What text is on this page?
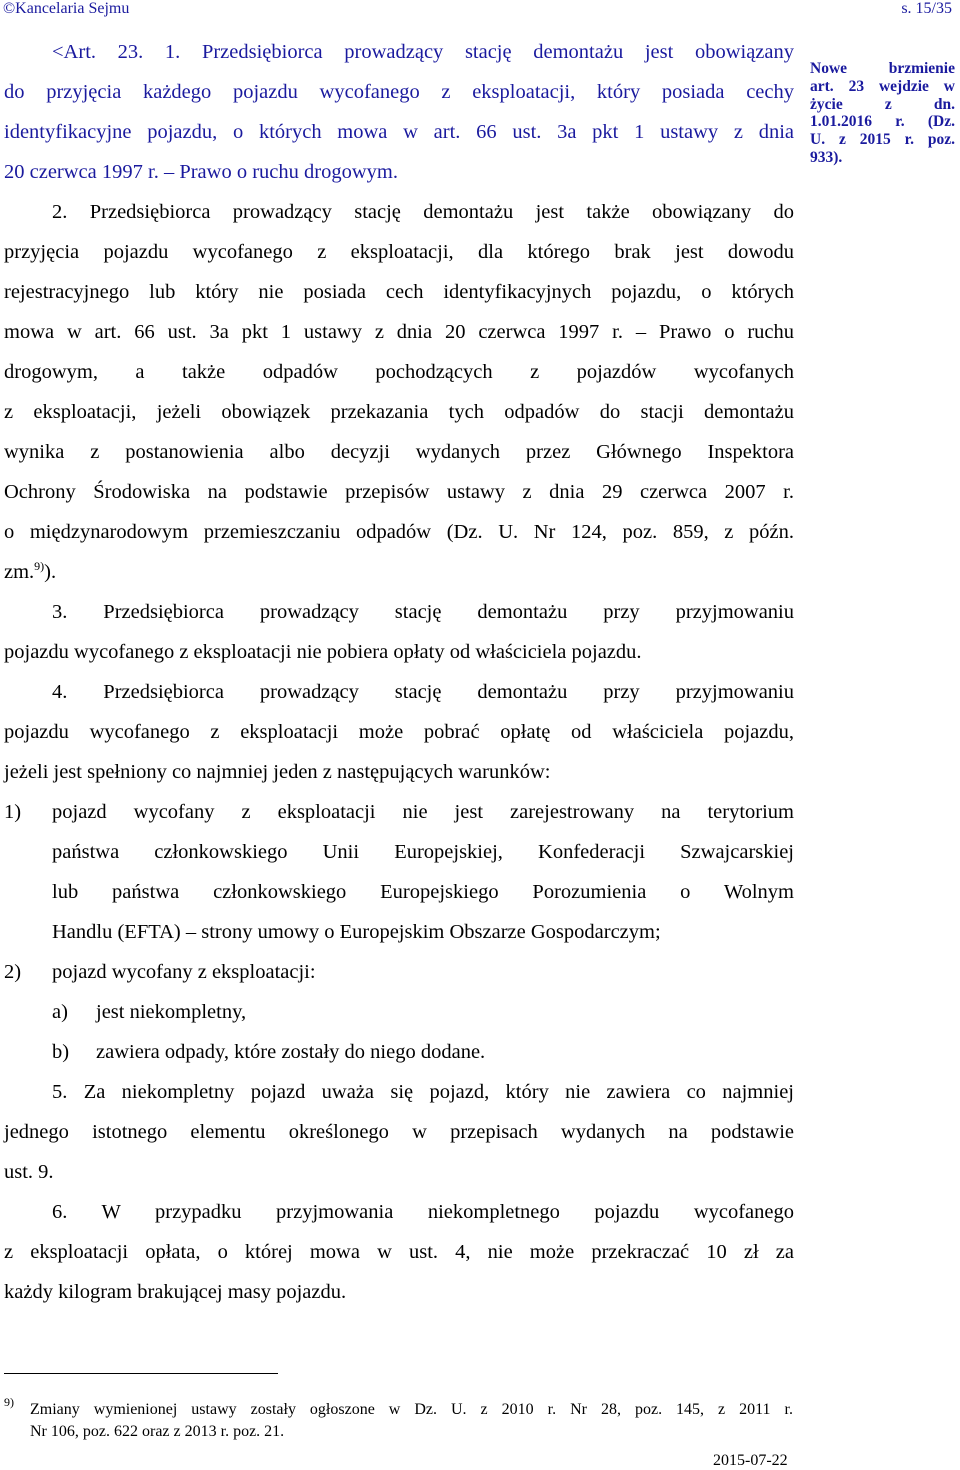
©Kancelaria Sejmu	s. 15/35
<Art. 23. 1. Przedsiębiorca prowadzący stację demontażu jest obowiązany
do przyjęcia każdego pojazdu wycofanego z eksploatacji, który posiada cechy
identyfikacyjne pojazdu, o których mowa w art. 66 ust. 3a pkt 1 ustawy z dnia
20 czerwca 1997 r. – Prawo o ruchu drogowym.
2. Przedsiębiorca prowadzący stację demontażu jest także obowiązany do
przyjęcia pojazdu wycofanego z eksploatacji, dla którego brak jest dowodu
rejestracyjnego lub który nie posiada cech identyfikacyjnych pojazdu, o których
mowa w art. 66 ust. 3a pkt 1 ustawy z dnia 20 czerwca 1997 r. – Prawo o ruchu
drogowym, a także odpadów pochodzących z pojazdów wycofanych
z eksploatacji, jeżeli obowiązek przekazania tych odpadów do stacji demontażu
wynika z postanowienia albo decyzji wydanych przez Głównego Inspektora
Ochrony Środowiska na podstawie przepisów ustawy z dnia 29 czerwca 2007 r.
o międzynarodowym przemieszczaniu odpadów (Dz. U. Nr 124, poz. 859, z późn.
zm.$^{9)}$).
3. Przedsiębiorca prowadzący stację demontażu przy przyjmowaniu
pojazdu wycofanego z eksploatacji nie pobiera opłaty od właściciela pojazdu.
4. Przedsiębiorca prowadzący stację demontażu przy przyjmowaniu
pojazdu wycofanego z eksploatacji może pobrać opłatę od właściciela pojazdu,
jeżeli jest spełniony co najmniej jeden z następujących warunków:
1)	pojazd wycofany z eksploatacji nie jest zarejestrowany na terytorium
państwa członkowskiego Unii Europejskiej, Konfederacji Szwajcarskiej
lub państwa członkowskiego Europejskiego Porozumienia o Wolnym
Handlu (EFTA) – strony umowy o Europejskim Obszarze Gospodarczym;
2) pojazd wycofany z eksploatacji:
a) jest niekompletny,
b) zawiera odpady, które zostały do niego dodane.
5. Za niekompletny pojazd uważa się pojazd, który nie zawiera co najmniej
jednego istotnego elementu określonego w przepisach wydanych na podstawie
ust. 9.
6. W przypadku przyjmowania niekompletnego pojazdu wycofanego
z eksploatacji opłata, o której mowa w ust. 4, nie może przekraczać 10 zł za
każdy kilogram brakującej masy pojazdu.
Nowe brzmienie
art. 23 wejdzie w
życie z dn.
1.01.2016 r. (Dz.
U. z 2015 r. poz.
933).
9) Zmiany wymienionej ustawy zostały ogłoszone w Dz. U. z 2010 r. Nr 28, poz. 145, z 2011 r.
Nr 106, poz. 622 oraz z 2013 r. poz. 21.
2015-07-22
